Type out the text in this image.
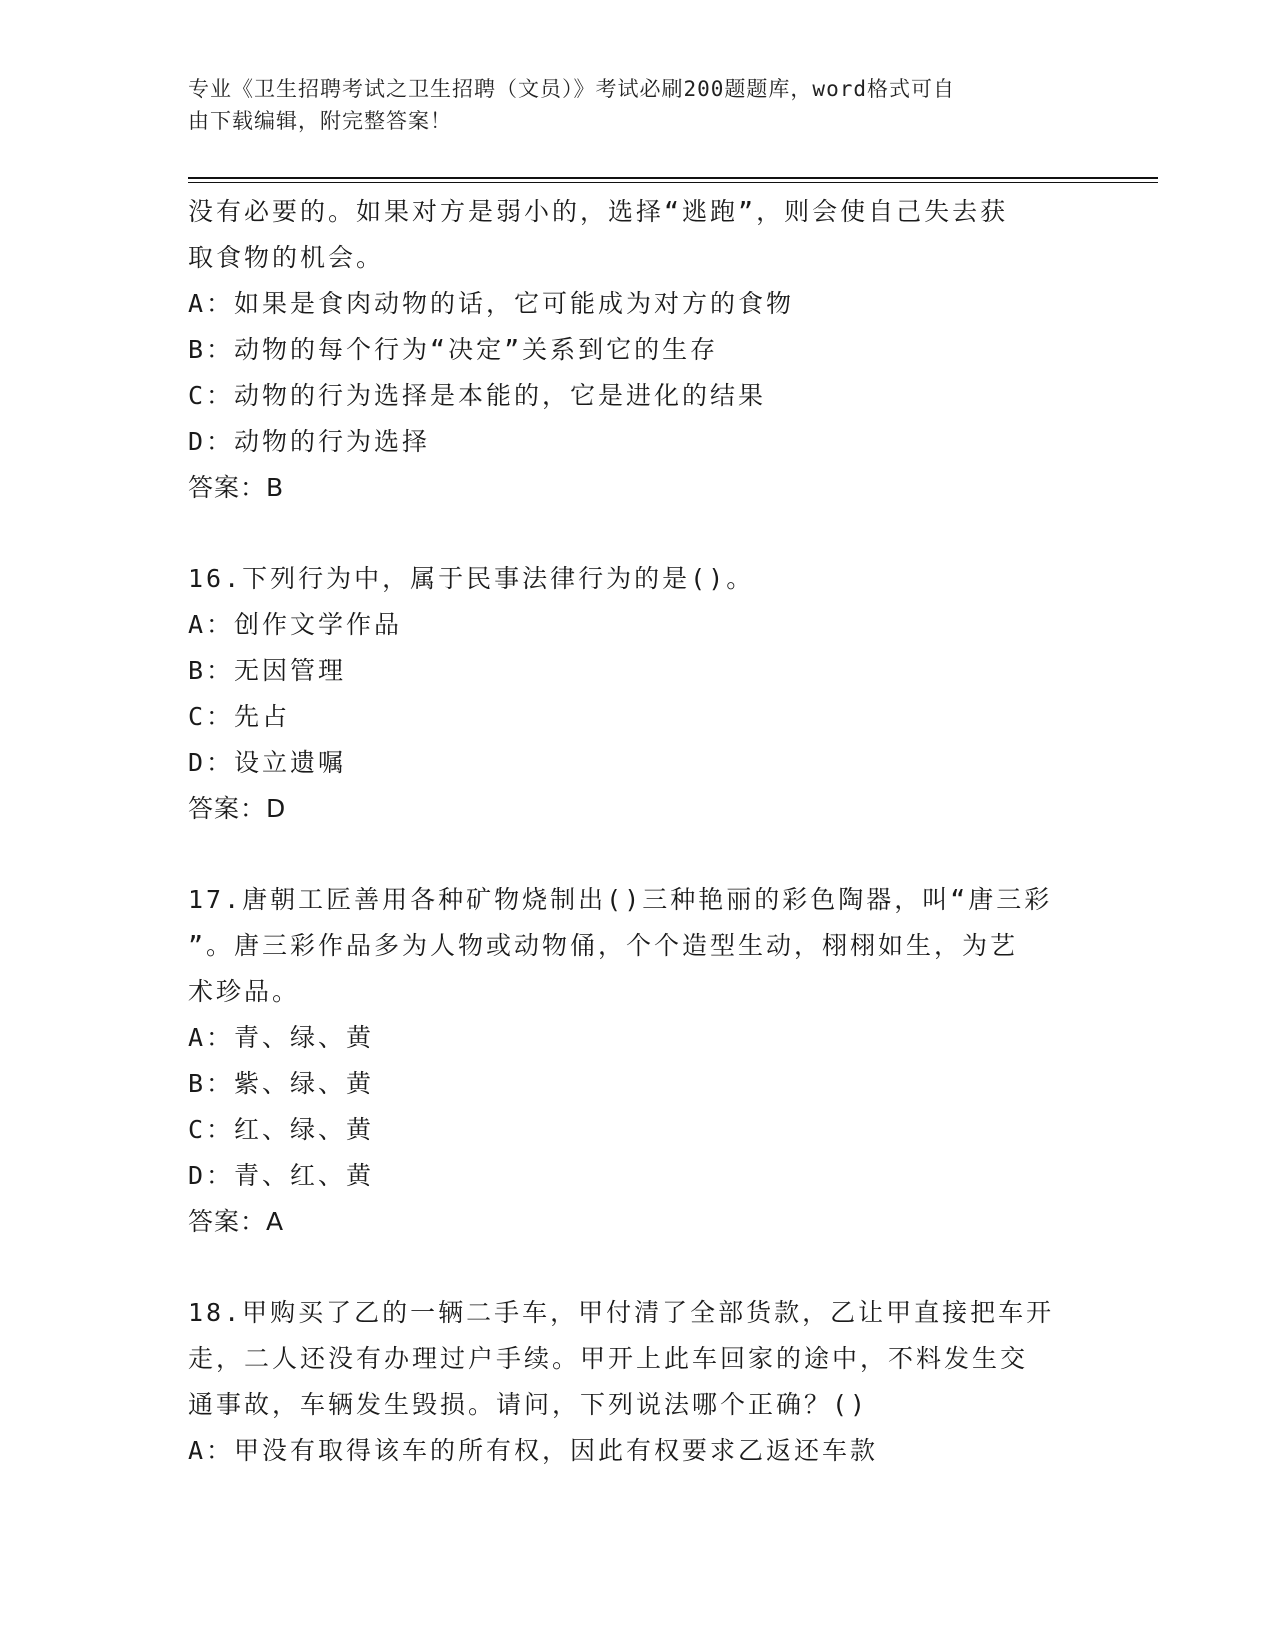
专业《卫生招聘考试之卫生招聘（文员）》考试必刷200题题库，word格式可自
由下载编辑，附完整答案！
没有必要的。如果对方是弱小的，选择“逃跑”，则会使自己失去获
取食物的机会。
A：如果是食肉动物的话，它可能成为对方的食物
B：动物的每个行为“决定”关系到它的生存
C：动物的行为选择是本能的，它是进化的结果
D：动物的行为选择
答案：B
16.下列行为中，属于民事法律行为的是()。
A：创作文学作品
B：无因管理
C：先占
D：设立遗嘱
答案：D
17.唐朝工匠善用各种矿物烧制出()三种艳丽的彩色陶器，叫“唐三彩
”。唐三彩作品多为人物或动物俑，个个造型生动，栩栩如生，为艺
术珍品。
A：青、绿、黄
B：紫、绿、黄
C：红、绿、黄
D：青、红、黄
答案：A
18.甲购买了乙的一辆二手车，甲付清了全部货款，乙让甲直接把车开
走，二人还没有办理过户手续。甲开上此车回家的途中，不料发生交
通事故，车辆发生毁损。请问，下列说法哪个正确？()
A：甲没有取得该车的所有权，因此有权要求乙返还车款
